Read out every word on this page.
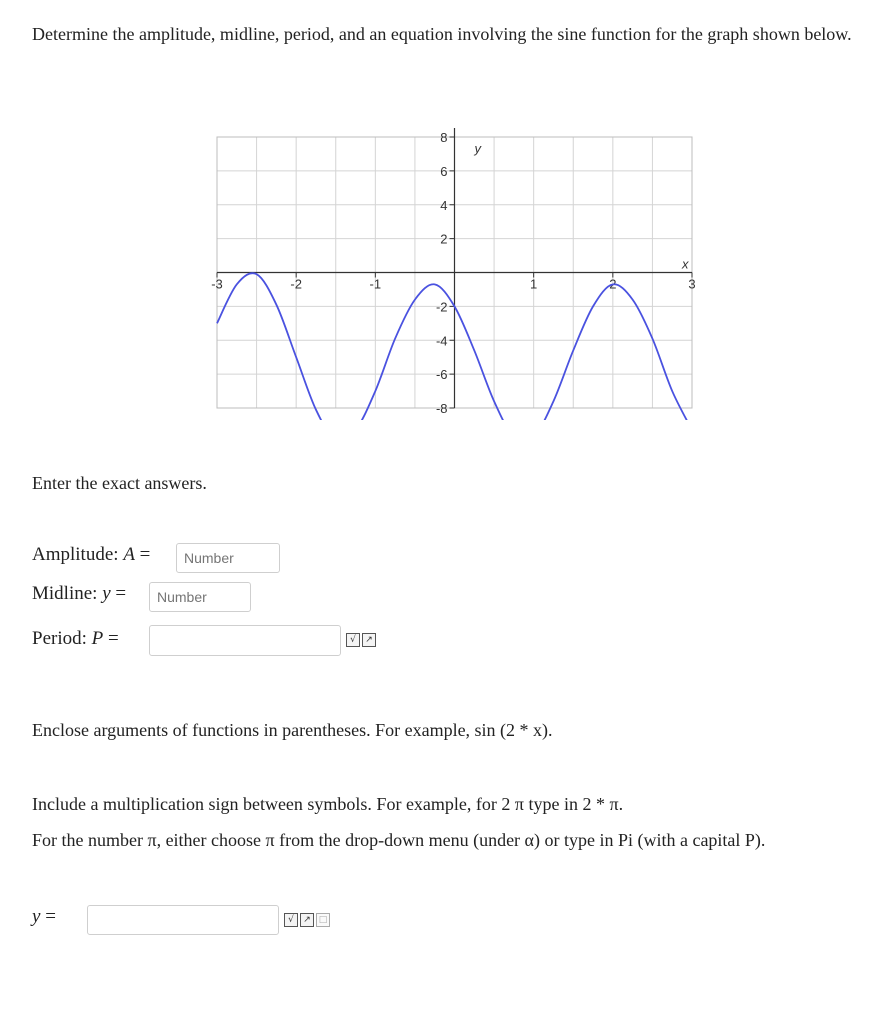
Determine the amplitude, midline, period, and an equation involving the sine function for the graph shown below.
-3	-2	-1	1	2	3
8
6
4
2
-2
-4
-6
-8
x
y
Enter the exact answers.
Amplitude: A =
Number
Midline: y =
Number
Period: P =	√	↗
Enclose arguments of functions in parentheses. For example, sin (2 * x).
Include a multiplication sign between symbols. For example, for 2 π type in 2 * π.
For the number π, either choose π from the drop-down menu (under α) or type in Pi (with a capital P).
y =	√	↗ □
